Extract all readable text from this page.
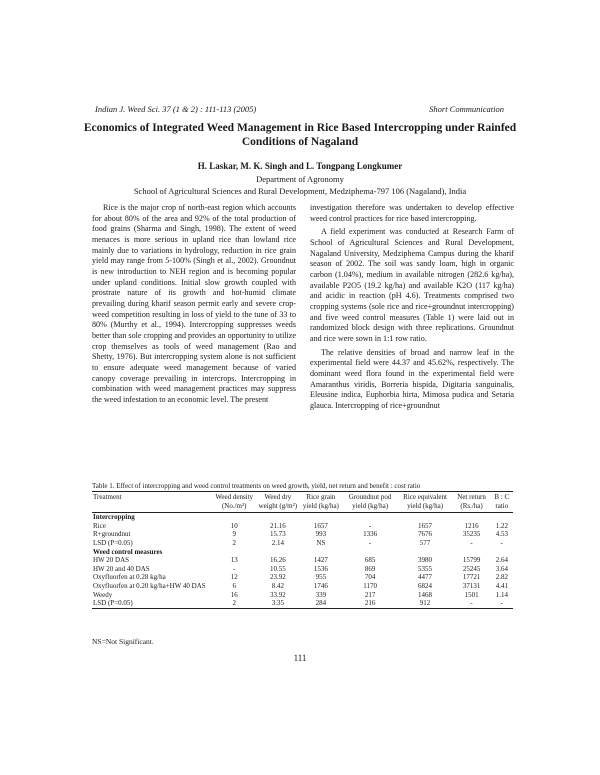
Indian J. Weed Sci. 37 (1 & 2) : 111-113 (2005)	Short Communication
Economics of Integrated Weed Management in Rice Based Intercropping under Rainfed Conditions of Nagaland
H. Laskar, M. K. Singh and L. Tongpang Longkumer
Department of Agronomy
School of Agricultural Sciences and Rural Development, Medziphema-797 106 (Nagaland), India

Rice is the major crop of north-east region which accounts for about 80% of the area and 92% of the total production of food grains (Sharma and Singh, 1998). The extent of weed menaces is more serious in upland rice than lowland rice mainly due to variations in hydrology, reduction in rice grain yield may range from 5-100% (Singh et al., 2002). Groundnut is new introduction to NEH region and is becoming popular under upland conditions. Initial slow growth coupled with prostrate nature of its growth and hot-humid climate prevailing during kharif season permit early and severe crop-weed competition resulting in loss of yield to the tune of 33 to 80% (Murthy et al., 1994). Intercropping suppresses weeds better than sole cropping and provides an opportunity to utilize crop themselves as tools of weed management (Rao and Shetty, 1976). But intercropping system alone is not sufficient to ensure adequate weed management because of varied canopy coverage prevailing in intercrops. Intercropping in combination with weed management practices may suppress the weed infestation to an economic level. The present

investigation therefore was undertaken to develop effective weed control practices for rice based intercropping.

A field experiment was conducted at Research Farm of School of Agricultural Sciences and Rural Development, Nagaland University, Medziphema Campus during the kharif season of 2002. The soil was sandy loam, high in organic carbon (1.04%), medium in available nitrogen (282.6 kg/ha), available P2O5 (19.2 kg/ha) and available K2O (117 kg/ha) and acidic in reaction (pH 4.6). Treatments comprised two cropping systems (sole rice and rice+groundnut intercropping) and five weed control measures (Table 1) were laid out in randomized block design with three replications. Groundnut and rice were sown in 1:1 row ratio.

The relative densities of broad and narrow leaf in the experimental field were 44.37 and 45.62%, respectively. The dominant weed flora found in the experimental field were Amaranthus viridis, Borreria hispida, Digitaria sanguinalis, Eleusine indica, Euphorbia hirta, Mimosa pudica and Setaria glauca. Intercropping of rice+groundnut

Table 1. Effect of intercropping and weed control treatments on weed growth, yield, net return and benefit : cost ratio
Treatment	Weed density (No./m²)	Weed dry weight (g/m²)	Rice grain yield (kg/ha)	Groundnut pod yield (kg/ha)	Rice equivalent yield (kg/ha)	Net return (Rs./ha)	B : C ratio
Intercropping							
Rice	10	21.16	1657	-	1657	1216	1.22
R+groundnut	9	15.73	993	1336	7676	35235	4.53
LSD (P=0.05)	2	2.14	NS	-	577	-	-
Weed control measures							
HW 20 DAS	13	16.26	1427	685	3980	15799	2.64
HW 20 and 40 DAS	-	10.55	1536	869	5355	25245	3.64
Oxyfluorfen at 0.28 kg/ha	12	23.92	955	704	4477	17721	2.82
Oxyfluorfen at 0.20 kg/ha+HW 40 DAS	6	8.42	1746	1170	6824	37131	4.41
Weedy	16	33.92	339	217	1468	1501	1.14
LSD (P=0.05)	2	3.35	284	216	912	-	-
NS=Not Significant.
111
